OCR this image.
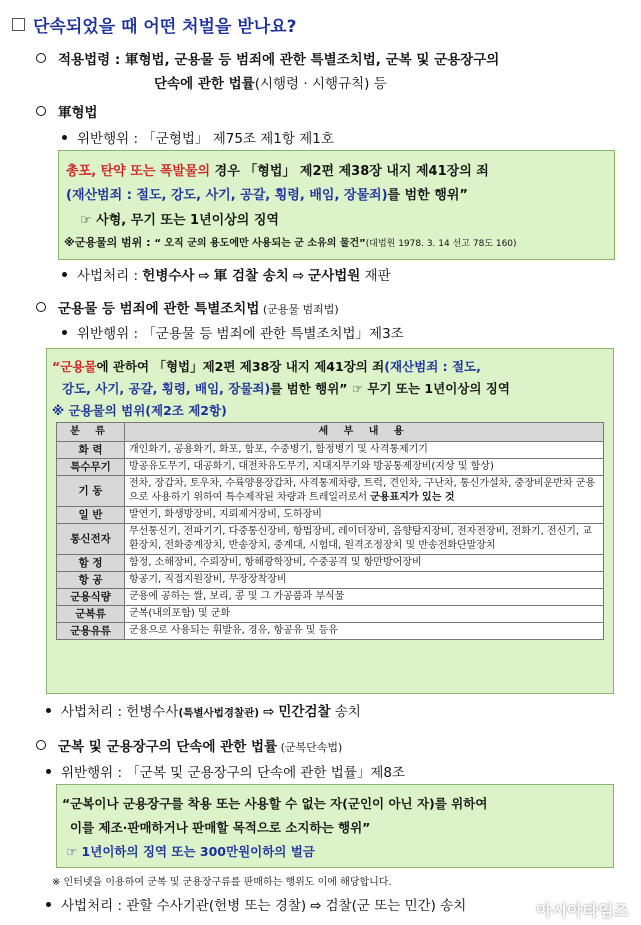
단속되었을 때 어떤 처벌을 받나요?
적용법령 : 軍형법, 군용물 등 범죄에 관한 특별조치법, 군복 및 군용장구의
단속에 관한 법률(시행령 · 시행규칙) 등
軍형법
위반행위 : 「군형법」 제75조 제1항 제1호
총포, 탄약 또는 폭발물의 경우 「형법」 제2편 제38장 내지 제41장의 죄
(재산범죄 : 절도, 강도, 사기, 공갈, 횡령, 배임, 장물죄)를 범한 행위”
☞ 사형, 무기 또는 1년이상의 징역
※군용물의 범위 : “ 오직 군의 용도에만 사용되는 군 소유의 물건”(대법원 1978. 3. 14 선고 78도 160)
사법처리 : 헌병수사 ⇨ 軍 검찰 송치 ⇨ 군사법원 재판
군용물 등 범죄에 관한 특별조치법 (군용물 범죄법)
위반행위 : 「군용물 등 범죄에 관한 특별조치법」제3조
“군용물에 관하여 「형법」제2편 제38장 내지 제41장의 죄(재산범죄 : 절도,
강도, 사기, 공갈, 횡령, 배임, 장물죄)를 범한 행위” ☞ 무기 또는 1년이상의 징역
※ 군용물의 범위(제2조 제2항)
분 류	세 부 내 용
화 력	개인화기, 공용화기, 화포, 함포, 수중병기, 함정병기 및 사격통제기기
특수무기	방공유도무기, 대공화기, 대전차유도무기, 지대지무기와 방공통제장비(지상 및 함상)
기 동	전차, 장갑차, 토우차, 수륙양용장갑차, 사격통제차량, 트럭, 견인차, 구난차, 통신가설차, 중장비운반차 군용으로 사용하기 위하여 특수제작된 차량과 트레일러로서 군용표지가 있는 것
일 반	발연기, 화생방장비, 지뢰제거장비, 도하장비
통신전자	무선통신기, 전파기기, 다중통신장비, 항법장비, 레이더장비, 음향탐지장비, 전자전장비, 전화기, 전신기, 교환장치, 전화중계장치, 반송장치, 중계대, 시험대, 원격조정장치 및 반송전화단말장치
함 정	함정, 소해장비, 수뢰장비, 항해광학장비, 수중공격 및 항만방어장비
항 공	항공기, 직접지원장비, 무장장착장비
군용식량	군용에 공하는 쌀, 보리, 콩 및 그 가공품과 부식물
군복류	군복(내의포함) 및 군화
군용유류	군용으로 사용되는 휘발유, 경유, 항공유 및 등유
사법처리 : 헌병수사(특별사법경찰관) ⇨ 민간검찰 송치
군복 및 군용장구의 단속에 관한 법률 (군복단속법)
위반행위 : 「군복 및 군용장구의 단속에 관한 법률」제8조
“군복이나 군용장구를 착용 또는 사용할 수 없는 자(군인이 아닌 자)를 위하여
이를 제조·판매하거나 판매할 목적으로 소지하는 행위”
☞ 1년이하의 징역 또는 300만원이하의 벌금
※ 인터넷을 이용하여 군복 및 군용장구류를 판매하는 행위도 이에 해당합니다.
사법처리 : 관할 수사기관(헌병 또는 경찰) ⇨ 검찰(군 또는 민간) 송치	아시아타임즈
